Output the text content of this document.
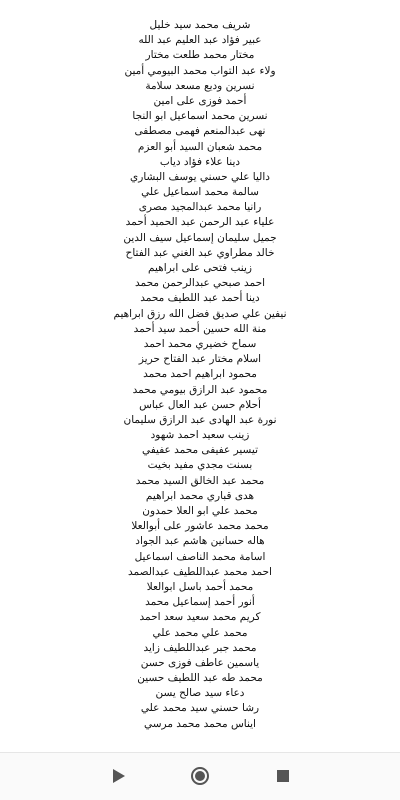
شريف محمد سيد خليل
عبير فؤاد عبد العليم عبد الله
مختار محمد طلعت مختار
ولاء عبد التواب محمد البيومي أمين
نسرين وديع مسعد سلامة
أحمد فوزى على امين
نسرين محمد اسماعيل ابو النجا
نهى عبدالمنعم فهمى مصطفى
محمد شعبان السيد أبو العزم
دينا علاء فؤاد دياب
داليا علي حسني يوسف البشاري
سالمة محمد اسماعيل علي
رانيا محمد عبدالمجيد مصرى
علياء عبد الرحمن عبد الحميد أحمد
جميل سليمان إسماعيل سيف الدين
خالد مطراوي عبد الغني عبد الفتاح
زينب فتحى على ابراهيم
احمد صبحي عبدالرحمن محمد
دينا أحمد عبد اللطيف محمد
نيفين علي صديق فضل الله رزق ابراهيم
منة الله حسين أحمد سيد أحمد
سماح خضيري محمد احمد
اسلام مختار عبد الفتاح حريز
محمود ابراهيم احمد محمد
محمود عبد الرازق بيومي محمد
أحلام حسن عبد العال عباس
نورة عبد الهادى عبد الرازق سليمان
زينب سعيد احمد شهود
تيسير عفيفى محمد عفيفي
بسنت مجدي مفيد بخيت
محمد عبد الخالق السيد محمد
هدى قباري محمد ابراهيم
محمد علي ابو العلا حمدون
محمد محمد عاشور على أبوالعلا
هاله حسانين هاشم عبد الجواد
اسامة محمد الناصف اسماعيل
احمد محمد عبداللطيف عبدالصمد
محمد أحمد باسل ابوالعلا
أنور أحمد إسماعيل محمد
كريم محمد سعيد سعد احمد
محمد علي محمد علي
محمد جبر عبداللطيف زايد
ياسمين عاطف فوزى حسن
محمد طه عبد اللطيف حسين
دعاء سيد صالح يسن
رشا حسني سيد محمد علي
ايناس محمد محمد مرسي
